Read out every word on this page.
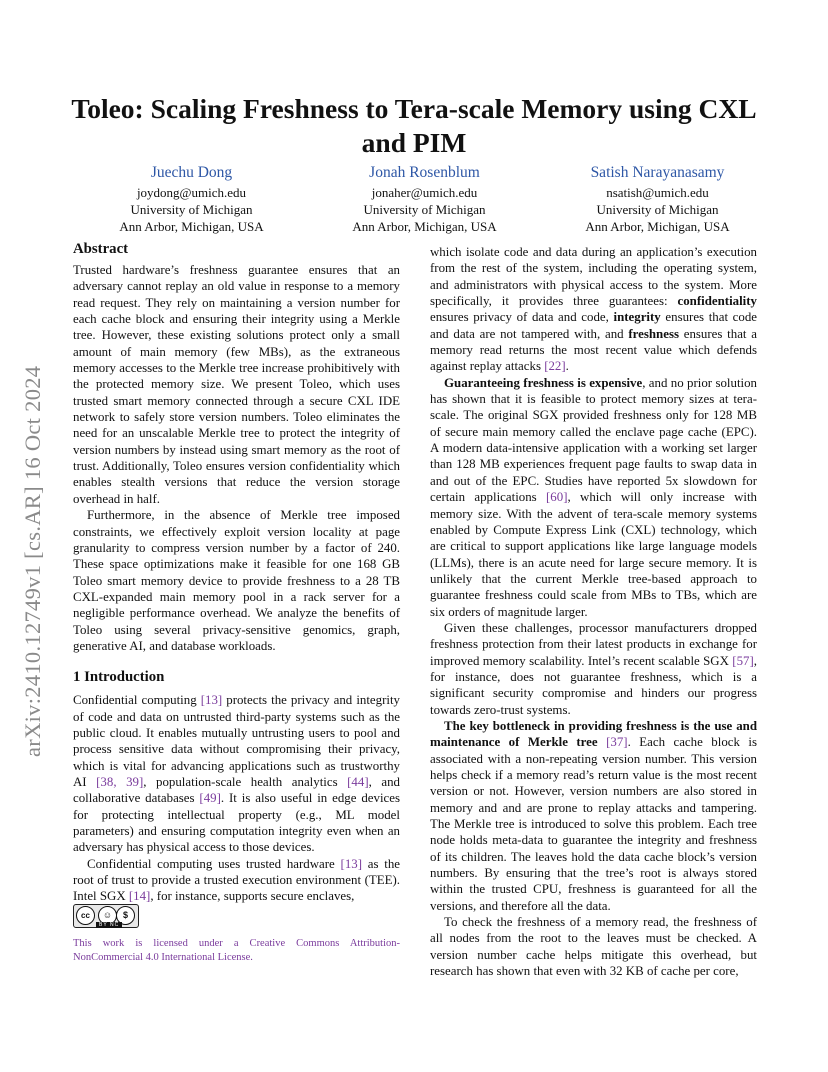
arXiv:2410.12749v1 [cs.AR] 16 Oct 2024
Toleo: Scaling Freshness to Tera-scale Memory using CXL and PIM
Juechu Dong
joydong@umich.edu
University of Michigan
Ann Arbor, Michigan, USA
Jonah Rosenblum
jonaher@umich.edu
University of Michigan
Ann Arbor, Michigan, USA
Satish Narayanasamy
nsatish@umich.edu
University of Michigan
Ann Arbor, Michigan, USA
Abstract

Trusted hardware’s freshness guarantee ensures that an adversary cannot replay an old value in response to a memory read request. They rely on maintaining a version number for each cache block and ensuring their integrity using a Merkle tree. However, these existing solutions protect only a small amount of main memory (few MBs), as the extraneous memory accesses to the Merkle tree increase prohibitively with the protected memory size. We present Toleo, which uses trusted smart memory connected through a secure CXL IDE network to safely store version numbers. Toleo eliminates the need for an unscalable Merkle tree to protect the integrity of version numbers by instead using smart memory as the root of trust. Additionally, Toleo ensures version confidentiality which enables stealth versions that reduce the version storage overhead in half.

Furthermore, in the absence of Merkle tree imposed constraints, we effectively exploit version locality at page granularity to compress version number by a factor of 240. These space optimizations make it feasible for one 168 GB Toleo smart memory device to provide freshness to a 28 TB CXL-expanded main memory pool in a rack server for a negligible performance overhead. We analyze the benefits of Toleo using several privacy-sensitive genomics, graph, generative AI, and database workloads.

1 Introduction

Confidential computing [13] protects the privacy and integrity of code and data on untrusted third-party systems such as the public cloud. It enables mutually untrusting users to pool and process sensitive data without compromising their privacy, which is vital for advancing applications such as trustworthy AI [38, 39], population-scale health analytics [44], and collaborative databases [49]. It is also useful in edge devices for protecting intellectual property (e.g., ML model parameters) and ensuring computation integrity even when an adversary has physical access to those devices.

Confidential computing uses trusted hardware [13] as the root of trust to provide a trusted execution environment (TEE). Intel SGX [14], for instance, supports secure enclaves,

cc	☺	$
BY NC
This work is licensed under a Creative Commons Attribution-NonCommercial 4.0 International License.

which isolate code and data during an application’s execution from the rest of the system, including the operating system, and administrators with physical access to the system. More specifically, it provides three guarantees: confidentiality ensures privacy of data and code, integrity ensures that code and data are not tampered with, and freshness ensures that a memory read returns the most recent value which defends against replay attacks [22].

Guaranteeing freshness is expensive, and no prior solution has shown that it is feasible to protect memory sizes at tera-scale. The original SGX provided freshness only for 128 MB of secure main memory called the enclave page cache (EPC). A modern data-intensive application with a working set larger than 128 MB experiences frequent page faults to swap data in and out of the EPC. Studies have reported 5x slowdown for certain applications [60], which will only increase with memory size. With the advent of tera-scale memory systems enabled by Compute Express Link (CXL) technology, which are critical to support applications like large language models (LLMs), there is an acute need for large secure memory. It is unlikely that the current Merkle tree-based approach to guarantee freshness could scale from MBs to TBs, which are six orders of magnitude larger.

Given these challenges, processor manufacturers dropped freshness protection from their latest products in exchange for improved memory scalability. Intel’s recent scalable SGX [57], for instance, does not guarantee freshness, which is a significant security compromise and hinders our progress towards zero-trust systems.

The key bottleneck in providing freshness is the use and maintenance of Merkle tree [37]. Each cache block is associated with a non-repeating version number. This version helps check if a memory read’s return value is the most recent version or not. However, version numbers are also stored in memory and and are prone to replay attacks and tampering. The Merkle tree is introduced to solve this problem. Each tree node holds meta-data to guarantee the integrity and freshness of its children. The leaves hold the data cache block’s version numbers. By ensuring that the tree’s root is always stored within the trusted CPU, freshness is guaranteed for all the versions, and therefore all the data.

To check the freshness of a memory read, the freshness of all nodes from the root to the leaves must be checked. A version number cache helps mitigate this overhead, but research has shown that even with 32 KB of cache per core,
